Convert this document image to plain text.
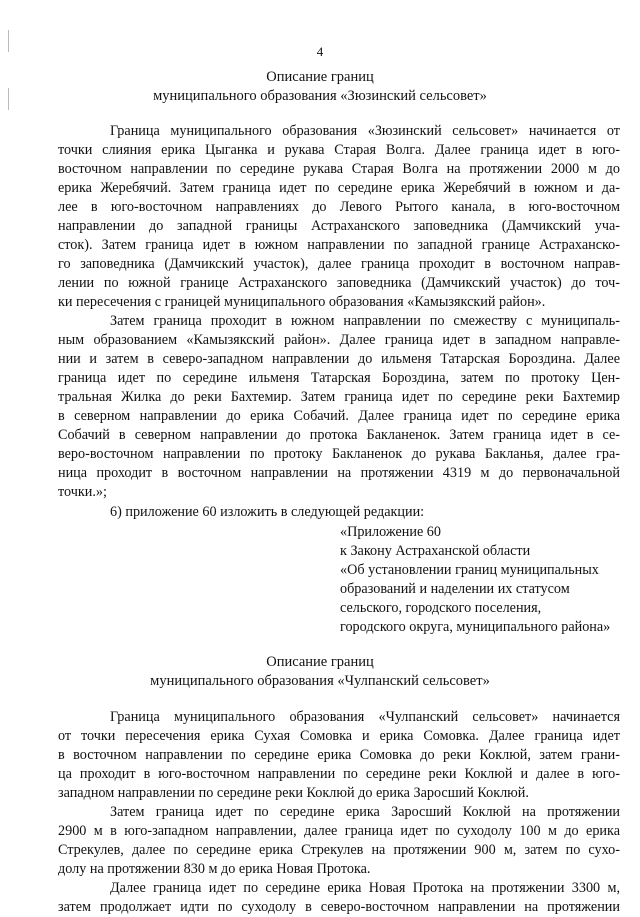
4
Описание границ
муниципального образования «Зюзинский сельсовет»
Граница муниципального образования «Зюзинский сельсовет» начинается от
точки слияния ерика Цыганка и рукава Старая Волга. Далее граница идет в юго-
восточном направлении по середине рукава Старая Волга на протяжении 2000 м до
ерика Жеребячий. Затем граница идет по середине ерика Жеребячий в южном и да-
лее в юго-восточном направлениях до Левого Рытого канала, в юго-восточном
направлении до западной границы Астраханского заповедника (Дамчикский уча-
сток). Затем граница идет в южном направлении по западной границе Астраханско-
го заповедника (Дамчикский участок), далее граница проходит в восточном направ-
лении по южной границе Астраханского заповедника (Дамчикский участок) до точ-
ки пересечения с границей муниципального образования «Камызякский район».
Затем граница проходит в южном направлении по смежеству с муниципаль-
ным образованием «Камызякский район». Далее граница идет в западном направле-
нии и затем в северо-западном направлении до ильменя Татарская Бороздина. Далее
граница идет по середине ильменя Татарская Бороздина, затем по протоку Цен-
тральная Жилка до реки Бахтемир. Затем граница идет по середине реки Бахтемир
в северном направлении до ерика Собачий. Далее граница идет по середине ерика
Собачий в северном направлении до протока Бакланенок. Затем граница идет в се-
веро-восточном направлении по протоку Бакланенок до рукава Бакланья, далее гра-
ница проходит в восточном направлении на протяжении 4319 м до первоначальной
точки.»;
6) приложение 60 изложить в следующей редакции:
«Приложение 60
к Закону Астраханской области
«Об установлении границ муниципальных
образований и наделении их статусом
сельского, городского поселения,
городского округа, муниципального района»
Описание границ
муниципального образования «Чулпанский сельсовет»
Граница муниципального образования «Чулпанский сельсовет» начинается
от точки пересечения ерика Сухая Сомовка и ерика Сомовка. Далее граница идет
в восточном направлении по середине ерика Сомовка до реки Коклюй, затем грани-
ца проходит в юго-восточном направлении по середине реки Коклюй и далее в юго-
западном направлении по середине реки Коклюй до ерика Заросший Коклюй.
Затем граница идет по середине ерика Заросший Коклюй на протяжении
2900 м в юго-западном направлении, далее граница идет по суходолу 100 м до ерика
Стрекулев, далее по середине ерика Стрекулев на протяжении 900 м, затем по сухо-
долу на протяжении 830 м до ерика Новая Протока.
Далее граница идет по середине ерика Новая Протока на протяжении 3300 м,
затем продолжает идти по суходолу в северо-восточном направлении на протяжении
